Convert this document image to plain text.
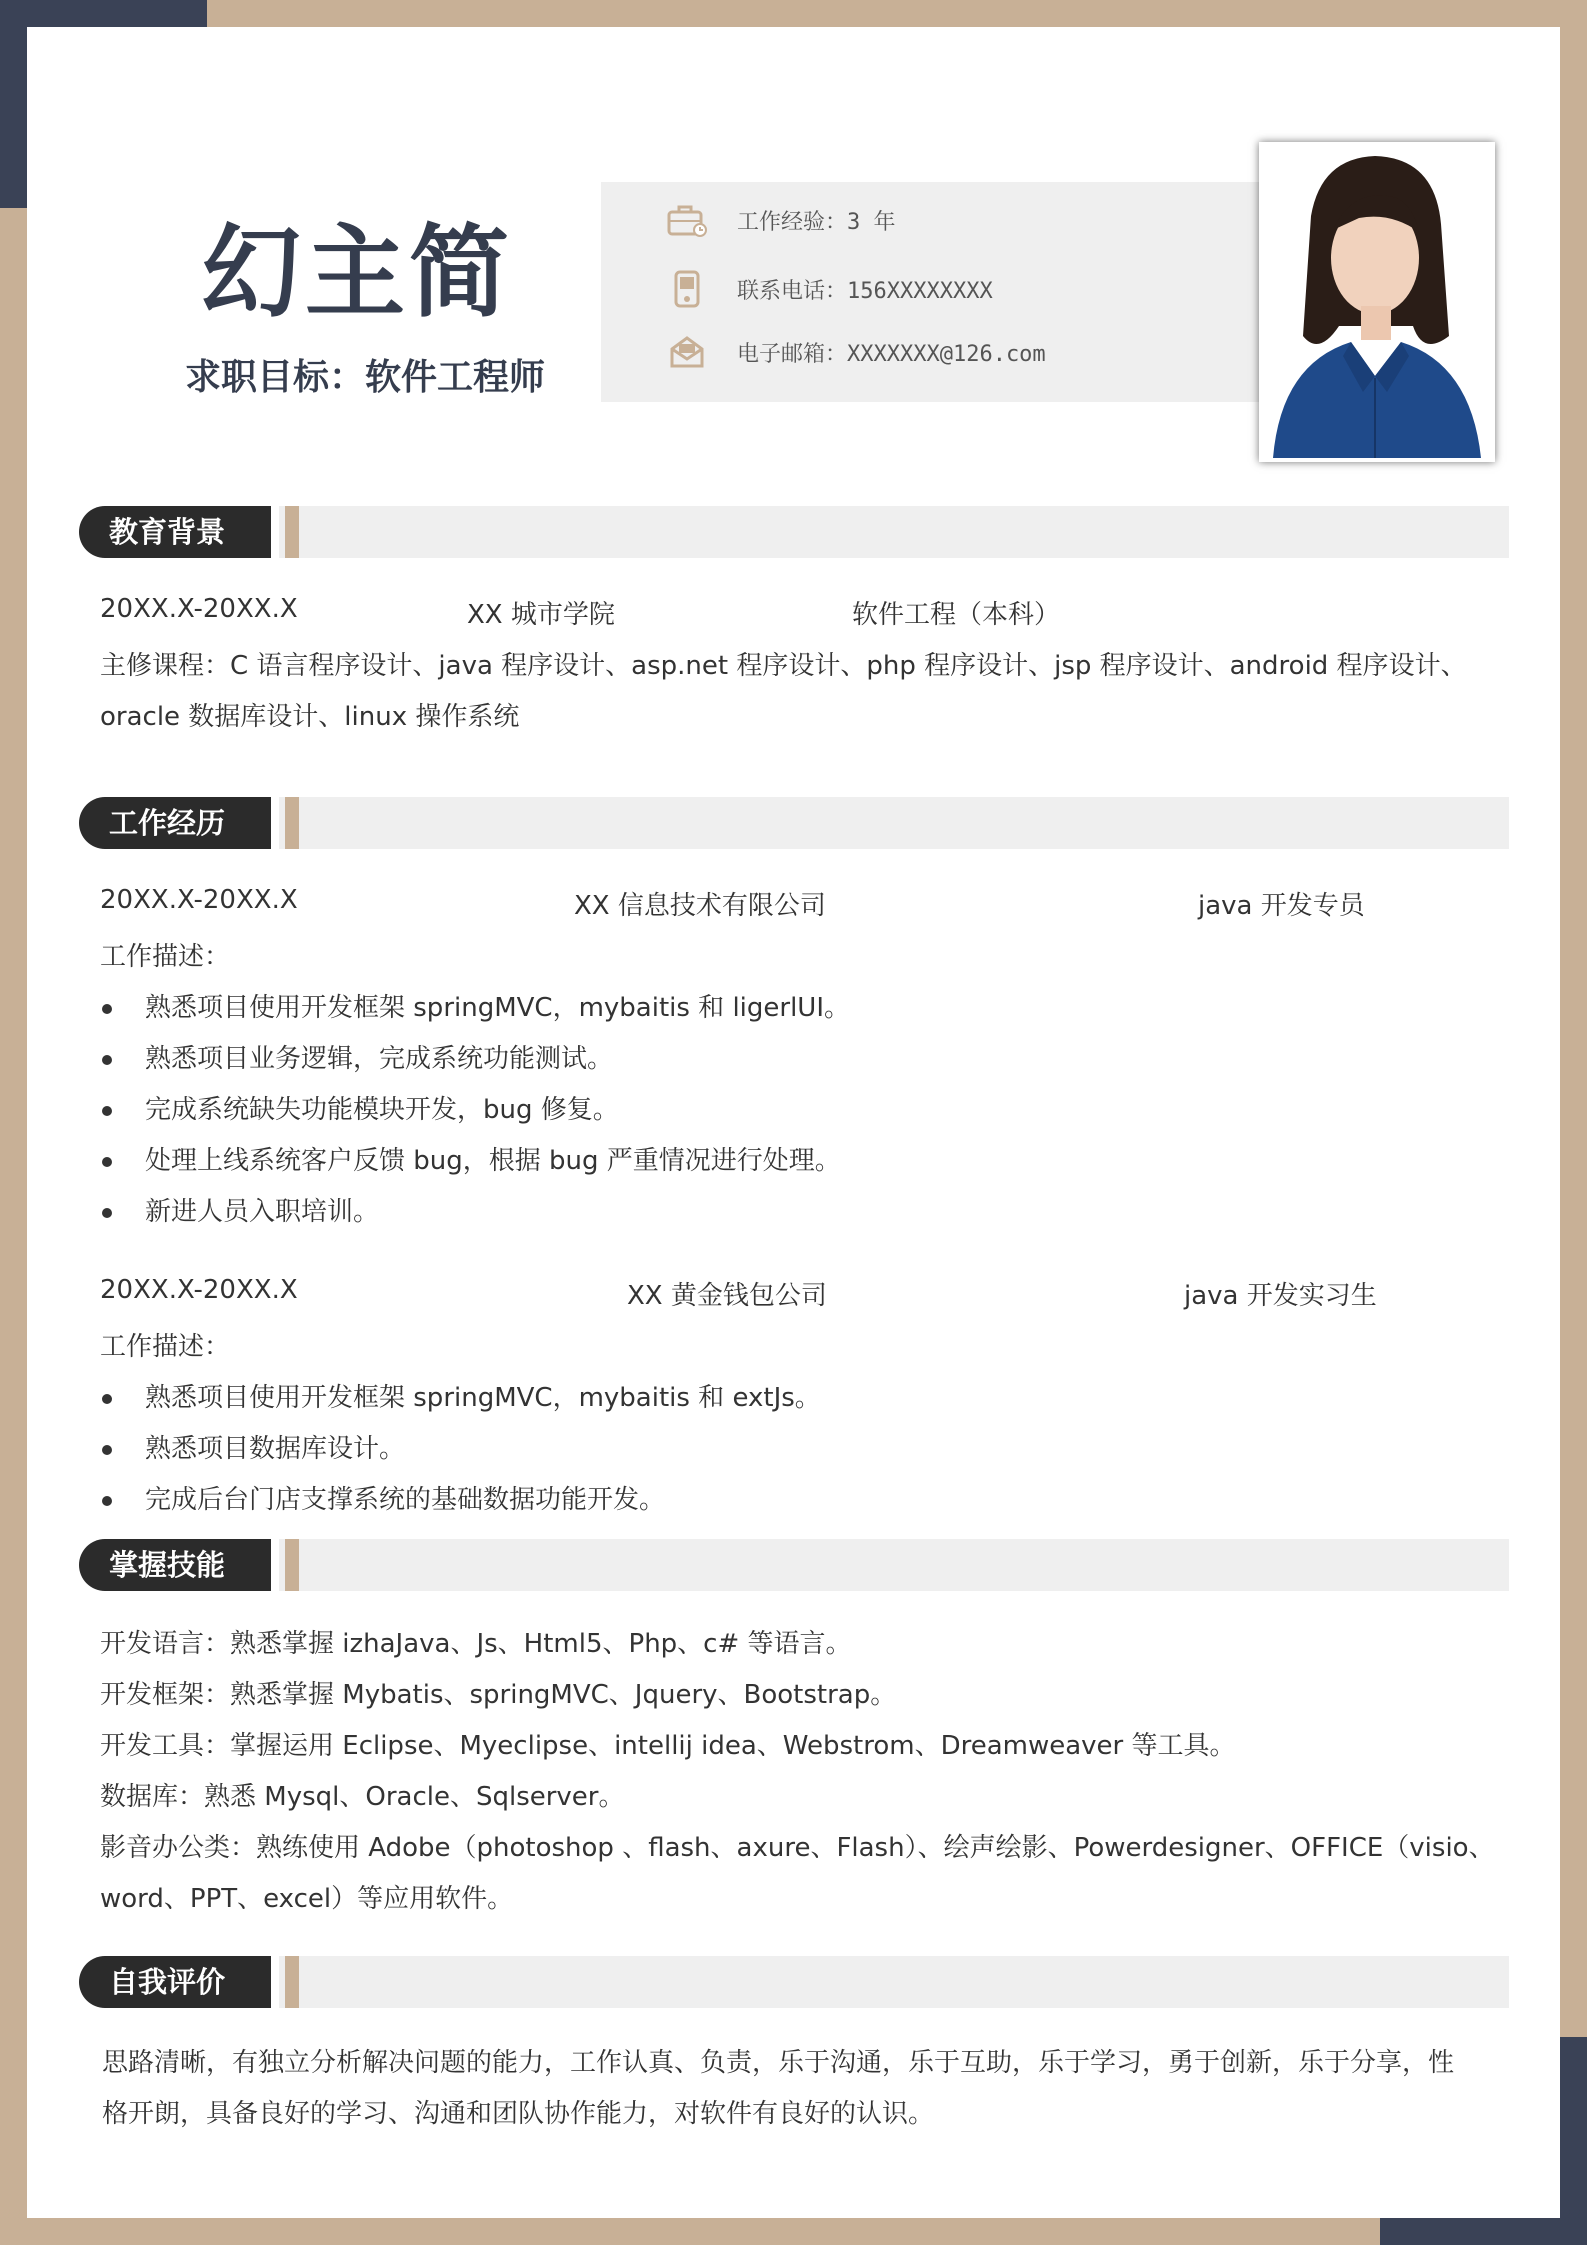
幻主简
求职目标：软件工程师
工作经验：3 年
联系电话：156XXXXXXXX
电子邮箱：XXXXXXX@126.com
教育背景
20XX.X-20XX.X	XX 城市学院	软件工程（本科）
主修课程：C 语言程序设计、java 程序设计、asp.net 程序设计、php 程序设计、jsp 程序设计、android 程序设计、
oracle 数据库设计、linux 操作系统
工作经历
20XX.X-20XX.X	XX 信息技术有限公司	java 开发专员
工作描述：
熟悉项目使用开发框架 springMVC，mybaitis 和 ligerlUI。
熟悉项目业务逻辑，完成系统功能测试。
完成系统缺失功能模块开发，bug 修复。
处理上线系统客户反馈 bug，根据 bug 严重情况进行处理。
新进人员入职培训。
20XX.X-20XX.X	XX 黄金钱包公司	java 开发实习生
工作描述：
熟悉项目使用开发框架 springMVC，mybaitis 和 extJs。
熟悉项目数据库设计。
完成后台门店支撑系统的基础数据功能开发。
掌握技能
开发语言：熟悉掌握 izhaJava、Js、Html5、Php、c# 等语言。
开发框架：熟悉掌握 Mybatis、springMVC、Jquery、Bootstrap。
开发工具：掌握运用 Eclipse、Myeclipse、intellij idea、Webstrom、Dreamweaver 等工具。
数据库：熟悉 Mysql、Oracle、Sqlserver。
影音办公类：熟练使用 Adobe（photoshop 、flash、axure、Flash）、绘声绘影、Powerdesigner、OFFICE（visio、
word、PPT、excel）等应用软件。
自我评价
思路清晰，有独立分析解决问题的能力，工作认真、负责，乐于沟通，乐于互助，乐于学习，勇于创新，乐于分享，性
格开朗，具备良好的学习、沟通和团队协作能力，对软件有良好的认识。
